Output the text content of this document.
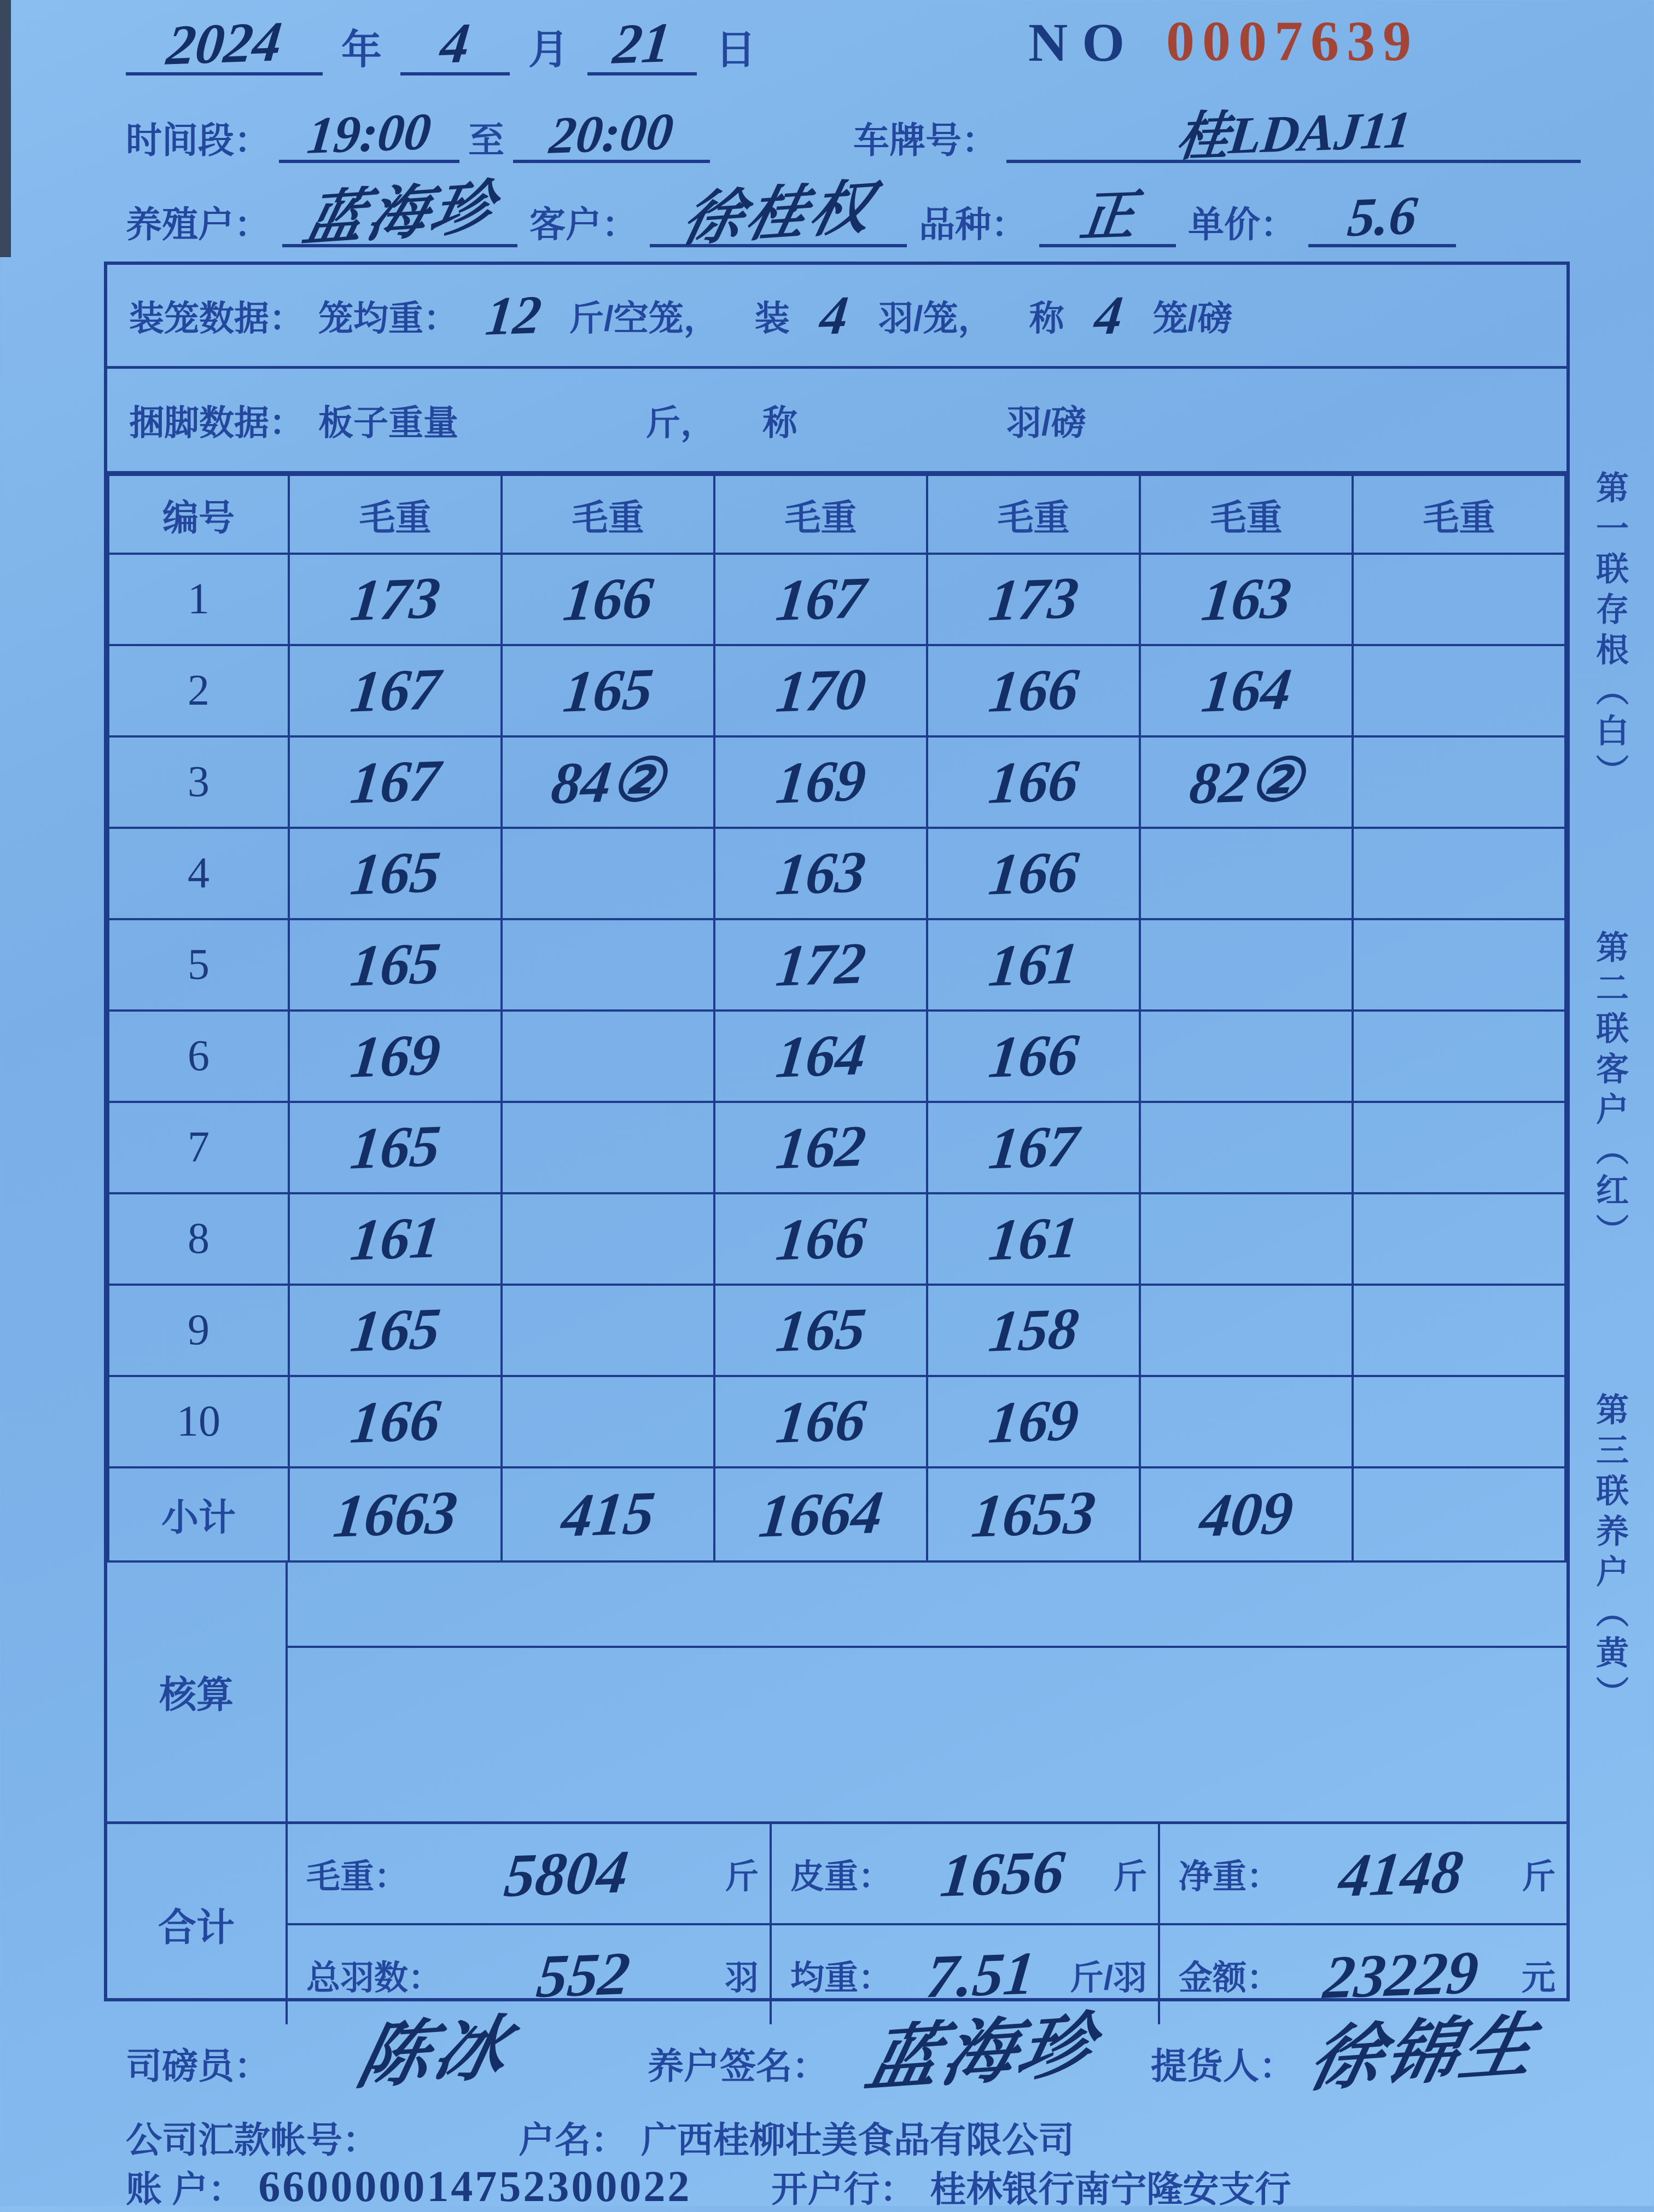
2024	年 4	月 21	日	NO 0007639
时间段： 19:00 至 20:00	车牌号：	桂LDAJ11
养殖户： 蓝海珍 客户： 徐桂权	品种： 正	单价： 5.6
装笼数据： 笼均重： 12 斤/空笼， 装 4 羽/笼， 称 4 笼/磅
捆脚数据： 板子重量	斤， 称	羽/磅
编号	毛重	毛重	毛重	毛重	毛重	毛重
1	173	166	167	173	163	
2	167	165	170	166	164	
3	167	84②	169	166	82②	
4	165		163	166		
5	165		172	161		
6	169		164	166		
7	165		162	167		
8	161		166	161		
9	165		165	158		
10	166		166	169		
小计	1663	415	1664	1653	409	
核算
合计
毛重：	5804	斤 皮重： 1656	斤 净重： 4148	斤
总羽数：	552	羽 均重： 7.51 斤/羽 金额： 23229	元
司磅员：	陈冰	养户签名： 蓝海珍	提货人： 徐锦生
公司汇款帐号：	户名： 广西桂柳壮美食品有限公司
账 户： 660000014752300022 开户行： 桂林银行南宁隆安支行
第一联存根（白）
第二联客户（红）
第三联养户（黄）
